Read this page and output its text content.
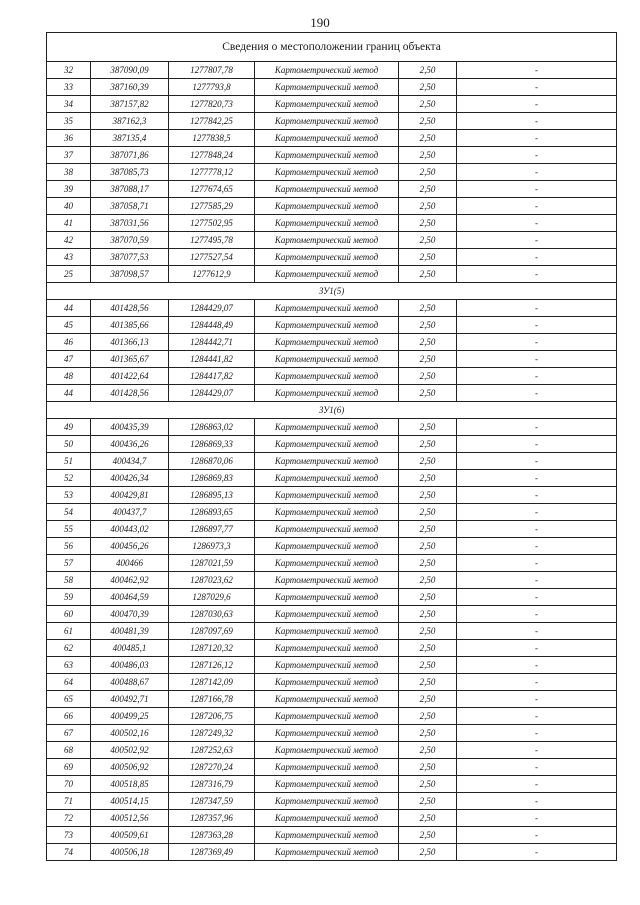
190
Сведения о местоположении границ объекта					
32	387090,09	1277807,78	Картометрический метод	2,50	-
33	387160,39	1277793,8	Картометрический метод	2,50	-
34	387157,82	1277820,73	Картометрический метод	2,50	-
35	387162,3	1277842,25	Картометрический метод	2,50	-
36	387135,4	1277838,5	Картометрический метод	2,50	-
37	387071,86	1277848,24	Картометрический метод	2,50	-
38	387085,73	1277778,12	Картометрический метод	2,50	-
39	387088,17	1277674,65	Картометрический метод	2,50	-
40	387058,71	1277585,29	Картометрический метод	2,50	-
41	387031,56	1277502,95	Картометрический метод	2,50	-
42	387070,59	1277495,78	Картометрический метод	2,50	-
43	387077,53	1277527,54	Картометрический метод	2,50	-
25	387098,57	1277612,9	Картометрический метод	2,50	-
ЗУ1(5)					
44	401428,56	1284429,07	Картометрический метод	2,50	-
45	401385,66	1284448,49	Картометрический метод	2,50	-
46	401366,13	1284442,71	Картометрический метод	2,50	-
47	401365,67	1284441,82	Картометрический метод	2,50	-
48	401422,64	1284417,82	Картометрический метод	2,50	-
44	401428,56	1284429,07	Картометрический метод	2,50	-
ЗУ1(6)					
49	400435,39	1286863,02	Картометрический метод	2,50	-
50	400436,26	1286869,33	Картометрический метод	2,50	-
51	400434,7	1286870,06	Картометрический метод	2,50	-
52	400426,34	1286869,83	Картометрический метод	2,50	-
53	400429,81	1286895,13	Картометрический метод	2,50	-
54	400437,7	1286893,65	Картометрический метод	2,50	-
55	400443,02	1286897,77	Картометрический метод	2,50	-
56	400456,26	1286973,3	Картометрический метод	2,50	-
57	400466	1287021,59	Картометрический метод	2,50	-
58	400462,92	1287023,62	Картометрический метод	2,50	-
59	400464,59	1287029,6	Картометрический метод	2,50	-
60	400470,39	1287030,63	Картометрический метод	2,50	-
61	400481,39	1287097,69	Картометрический метод	2,50	-
62	400485,1	1287120,32	Картометрический метод	2,50	-
63	400486,03	1287126,12	Картометрический метод	2,50	-
64	400488,67	1287142,09	Картометрический метод	2,50	-
65	400492,71	1287166,78	Картометрический метод	2,50	-
66	400499,25	1287206,75	Картометрический метод	2,50	-
67	400502,16	1287249,32	Картометрический метод	2,50	-
68	400502,92	1287252,63	Картометрический метод	2,50	-
69	400506,92	1287270,24	Картометрический метод	2,50	-
70	400518,85	1287316,79	Картометрический метод	2,50	-
71	400514,15	1287347,59	Картометрический метод	2,50	-
72	400512,56	1287357,96	Картометрический метод	2,50	-
73	400509,61	1287363,28	Картометрический метод	2,50	-
74	400506,18	1287369,49	Картометрический метод	2,50	-
